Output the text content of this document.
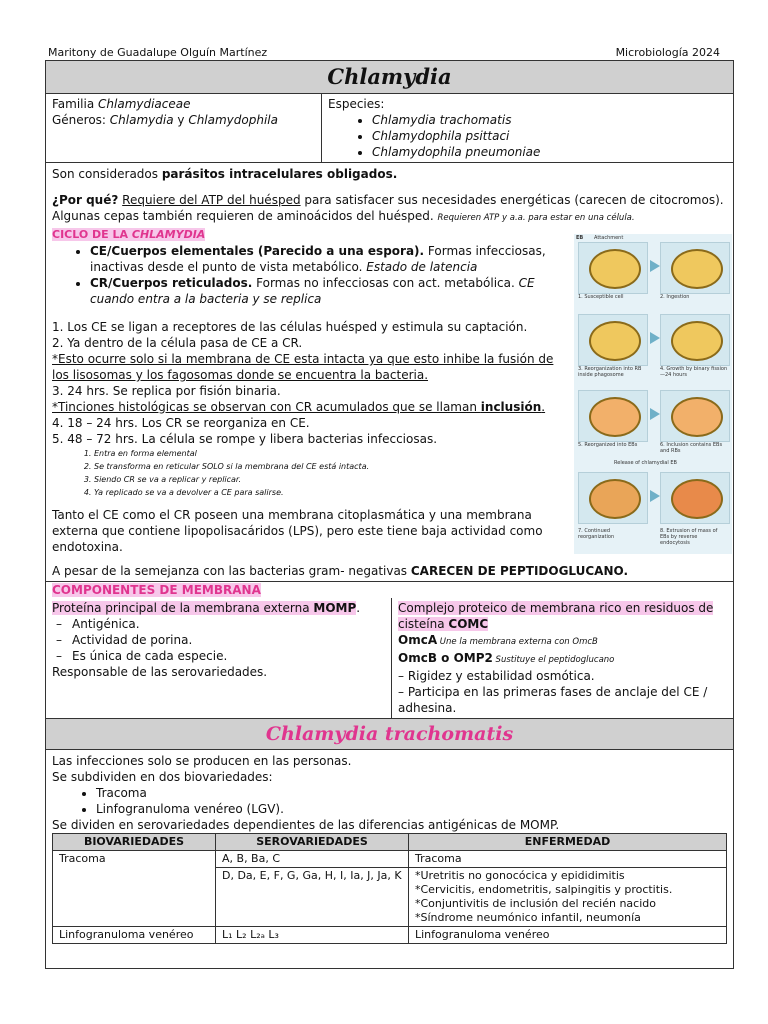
Maritony de Guadalupe Olguín Martínez	Microbiología 2024
Chlamydia

Familia Chlamydiaceae

Géneros: Chlamydia y Chlamydophila

Especies:

• Chlamydia trachomatis
• Chlamydophila psittaci
• Chlamydophila pneumoniae

Son considerados parásitos intracelulares obligados.

¿Por qué? Requiere del ATP del huésped para satisfacer sus necesidades energéticas (carecen de citocromos). Algunas cepas también requieren de aminoácidos del huésped. Requieren ATP y a.a. para estar en una célula.

CICLO DE LA CHLAMYDIA

• CE/Cuerpos elementales (Parecido a una espora). Formas infecciosas, inactivas desde el punto de vista metabólico. Estado de latencia
• CR/Cuerpos reticulados. Formas no infecciosas con act. metabólica. CE cuando entra a la bacteria y se replica

1. Los CE se ligan a receptores de las células huésped y estimula su captación.

2. Ya dentro de la célula pasa de CE a CR.

*Esto ocurre solo si la membrana de CE esta intacta ya que esto inhibe la fusión de los lisosomas y los fagosomas donde se encuentra la bacteria.

3. 24 hrs. Se replica por fisión binaria.

*Tinciones histológicas se observan con CR acumulados que se llaman inclusión.

4. 18 – 24 hrs. Los CR se reorganiza en CE.

5. 48 – 72 hrs. La célula se rompe y libera bacterias infecciosas.

1. Entra en forma elemental
2. Se transforma en reticular SOLO si la membrana del CE está intacta.
3. Siendo CR se va a replicar y replicar.
4. Ya replicado se va a devolver a CE para salirse.

Tanto el CE como el CR poseen una membrana citoplasmática y una membrana externa que contiene lipopolisacáridos (LPS), pero este tiene baja actividad como endotoxina.

A pesar de la semejanza con las bacterias gram- negativas CARECEN DE PEPTIDOGLUCANO.

COMPONENTES DE MEMBRANA

Proteína principal de la membrana externa MOMP.

– Antigénica.
– Actividad de porina.
– Es única de cada especie.

Responsable de las serovariedades.

Complejo proteico de membrana rico en residuos de cisteína COMC

OmcA Une la membrana externa con OmcB

OmcB o OMP2 Sustituye el peptidoglucano

– Rigidez y estabilidad osmótica.

– Participa en las primeras fases de anclaje del CE / adhesina.

Chlamydia trachomatis

Las infecciones solo se producen en las personas.

Se subdividen en dos biovariedades:

• Tracoma
• Linfogranuloma venéreo (LGV).

Se dividen en serovariedades dependientes de las diferencias antigénicas de MOMP.

BIOVARIEDADES	SEROVARIEDADES	ENFERMEDAD
Tracoma	A, B, Ba, C	Tracoma
	D, Da, E, F, G, Ga, H, I, Ia, J, Ja, K	*Uretritis no gonocócica y epididimitis
*Cervicitis, endometritis, salpingitis y proctitis.
*Conjuntivitis de inclusión del recién nacido
*Síndrome neumónico infantil, neumonía

Linfogranuloma venéreo	L₁ L₂ L₂ₐ L₃	Linfogranuloma venéreo
EB Attachment
1. Susceptible cell	2. Ingestion
3. Reorganization into RB inside phagosome
4. Growth by binary fission—24 hours
5. Reorganized into EBs	6. Inclusion contains EBs and RBs
Release of chlamydial EB
7. Continued reorganization
8. Extrusion of mass of EBs by reverse endocytosis
